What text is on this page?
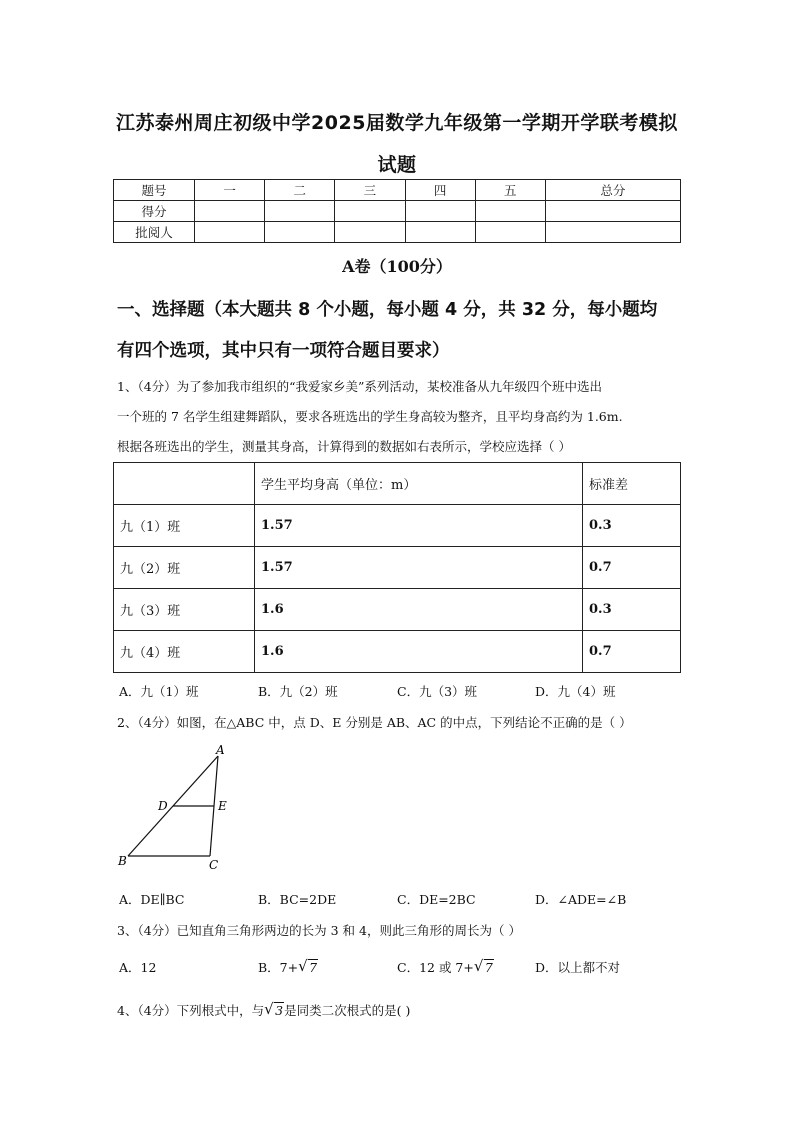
江苏泰州周庄初级中学2025届数学九年级第一学期开学联考模拟
试题
题号	一	二	三	四	五	总分
得分						
批阅人						
A卷（100分）
一、选择题（本大题共 8 个小题，每小题 4 分，共 32 分，每小题均
有四个选项，其中只有一项符合题目要求）
1、（4分）为了参加我市组织的“我爱家乡美”系列活动，某校准备从九年级四个班中选出
一个班的 7 名学生组建舞蹈队，要求各班选出的学生身高较为整齐，且平均身高约为 1.6m.
根据各班选出的学生，测量其身高，计算得到的数据如右表所示，学校应选择（ ）
	学生平均身高（单位：m）	标准差
九（1）班	1.57	0.3
九（2）班	1.57	0.7
九（3）班	1.6	0.3
九（4）班	1.6	0.7
A．九（1）班	B．九（2）班	C．九（3）班	D．九（4）班
2、（4分）如图，在△ABC 中，点 D、E 分别是 AB、AC 的中点，下列结论不正确的是（ ）
A
B	C
D	E
A．DE∥BC	B．BC=2DE	C．DE=2BC	D．∠ADE=∠B
3、（4分）已知直角三角形两边的长为 3 和 4，则此三角形的周长为（ ）
A．12	B．7+ √ 7	C．12 或 7+ √ 7	D．以上都不对
4、（4分）下列根式中，与 √ 3是同类二次根式的是( )
